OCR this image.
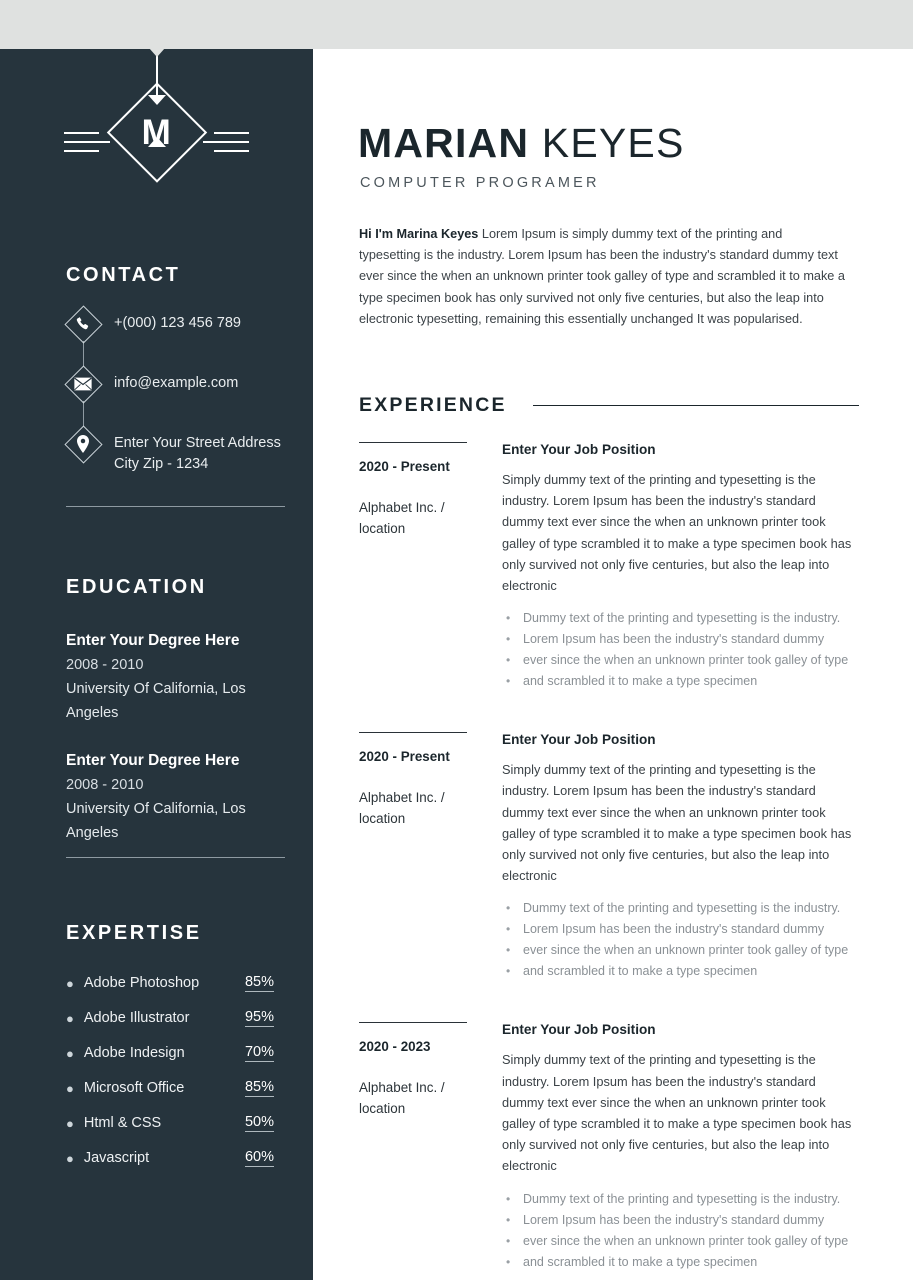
M
CONTACT
+(000) 123 456 789
info@example.com
Enter Your Street Address
City Zip - 1234
EDUCATION
Enter Your Degree Here
2008 - 2010
University Of California, Los Angeles
Enter Your Degree Here
2008 - 2010
University Of California, Los Angeles
EXPERTISE
● Adobe Photoshop	85%
● Adobe Illustrator	95%
● Adobe Indesign	70%
● Microsoft Office	85%
● Html & CSS	50%
● Javascript	60%
MARIAN KEYES
COMPUTER PROGRAMER
Hi I'm Marina Keyes Lorem Ipsum is simply dummy text of the printing and typesetting is the industry. Lorem Ipsum has been the industry's standard dummy text ever since the when an unknown printer took galley of type and scrambled it to make a type specimen book has only survived not only five centuries, but also the leap into electronic typesetting, remaining this essentially unchanged It was popularised.
EXPERIENCE
2020 - Present
Alphabet Inc. / location
Enter Your Job Position
Simply dummy text of the printing and typesetting is the industry. Lorem Ipsum has been the industry's standard dummy text ever since the when an unknown printer took galley of type scrambled it to make a type specimen book has only survived not only five centuries, but also the leap into electronic
• Dummy text of the printing and typesetting is the industry.
• Lorem Ipsum has been the industry's standard dummy
• ever since the when an unknown printer took galley of type
• and scrambled it to make a type specimen
2020 - Present
Alphabet Inc. / location
Enter Your Job Position
Simply dummy text of the printing and typesetting is the industry. Lorem Ipsum has been the industry's standard dummy text ever since the when an unknown printer took galley of type scrambled it to make a type specimen book has only survived not only five centuries, but also the leap into electronic
• Dummy text of the printing and typesetting is the industry.
• Lorem Ipsum has been the industry's standard dummy
• ever since the when an unknown printer took galley of type
• and scrambled it to make a type specimen
2020 - 2023
Alphabet Inc. / location
Enter Your Job Position
Simply dummy text of the printing and typesetting is the industry. Lorem Ipsum has been the industry's standard dummy text ever since the when an unknown printer took galley of type scrambled it to make a type specimen book has only survived not only five centuries, but also the leap into electronic
• Dummy text of the printing and typesetting is the industry.
• Lorem Ipsum has been the industry's standard dummy
• ever since the when an unknown printer took galley of type
• and scrambled it to make a type specimen
